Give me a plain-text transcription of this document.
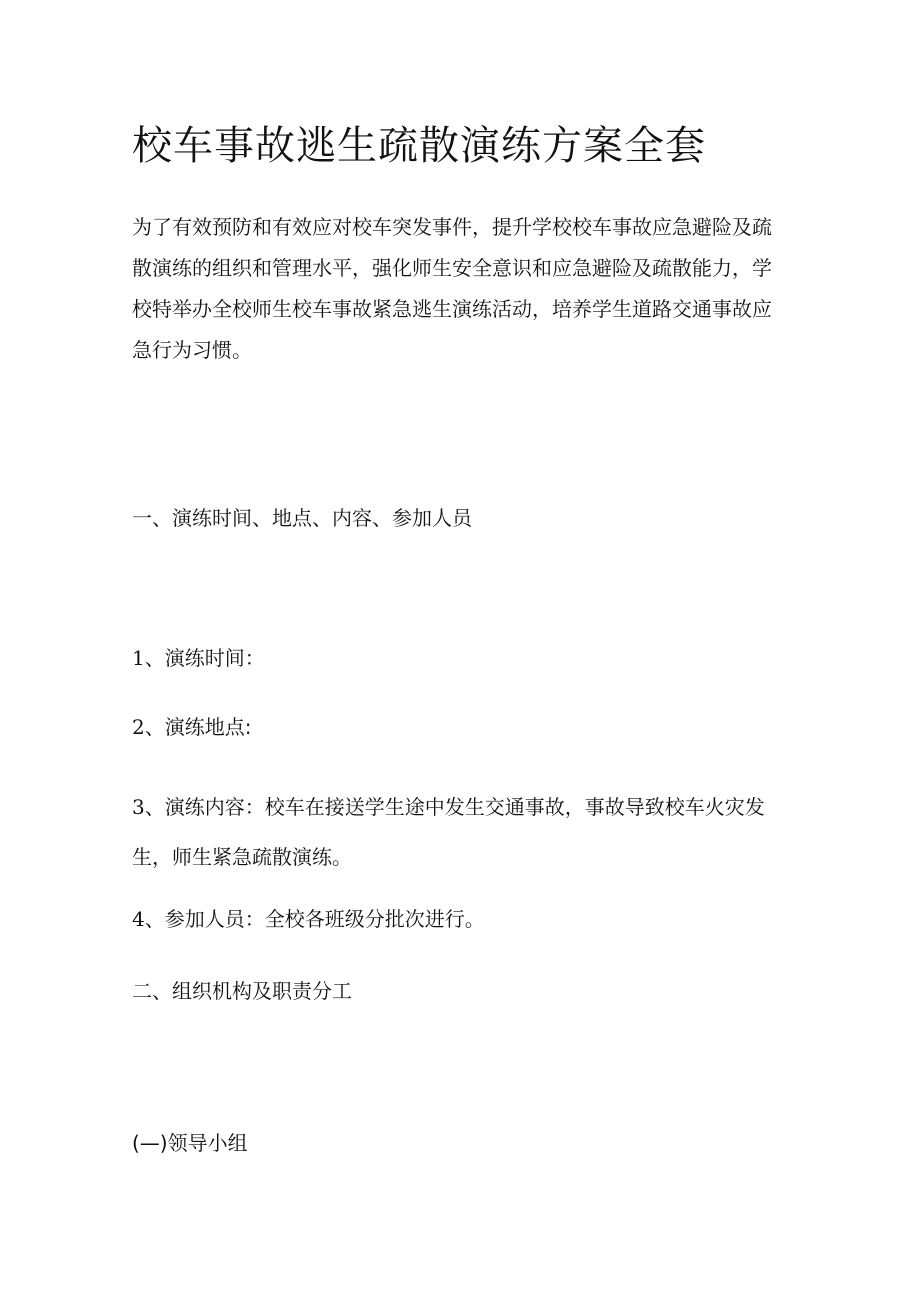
校车事故逃生疏散演练方案全套

为了有效预防和有效应对校车突发事件，提升学校校车事故应急避险及疏散演练的组织和管理水平，强化师生安全意识和应急避险及疏散能力，学校特举办全校师生校车事故紧急逃生演练活动，培养学生道路交通事故应急行为习惯。

一、演练时间、地点、内容、参加人员

1、演练时间：

2、演练地点:

3、演练内容：校车在接送学生途中发生交通事故，事故导致校车火灾发生，师生紧急疏散演练。

4、参加人员：全校各班级分批次进行。

二、组织机构及职责分工

(—)领导小组
